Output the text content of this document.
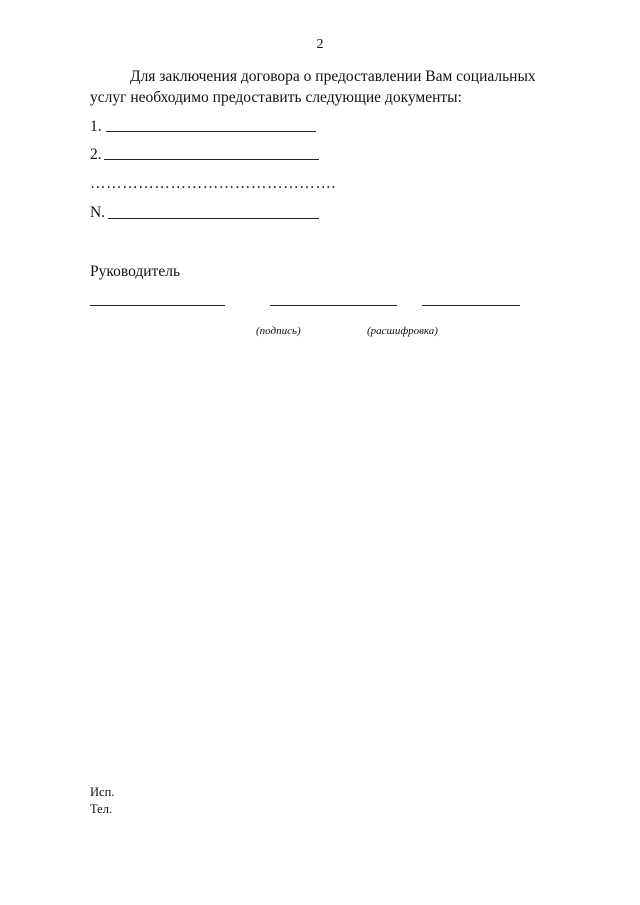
2
Для заключения договора о предоставлении Вам социальных
услуг необходимо предоставить следующие документы:
1.
2.
……………………………………….
N.
Руководитель
(подпись)	(расшифровка)
Исп.
Тел.
